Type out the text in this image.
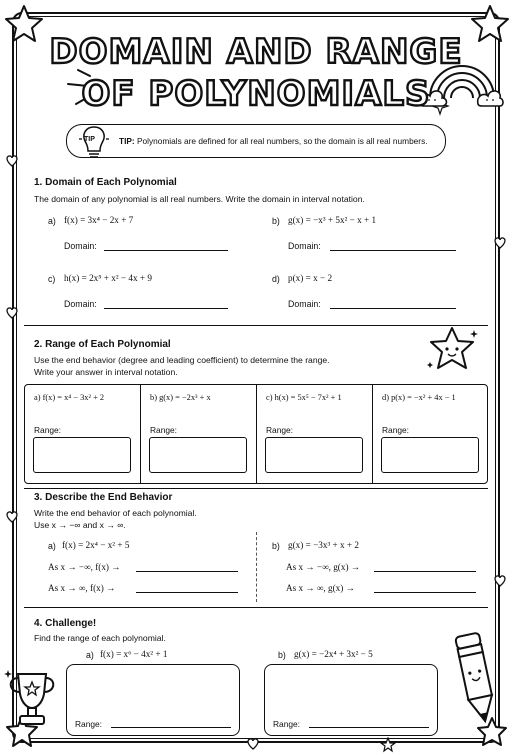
DOMAIN AND RANGE
OF POLYNOMIALS
TIP	TIP: Polynomials are defined for all real numbers, so the domain is all real numbers.
1. Domain of Each Polynomial
The domain of any polynomial is all real numbers. Write the domain in interval notation.
a) f(x) = 3x⁴ − 2x + 7	b) g(x) = −x³ + 5x² − x + 1
Domain:	Domain:
c) h(x) = 2x⁵ + x² − 4x + 9	d) p(x) = x − 2
Domain:	Domain:
2. Range of Each Polynomial
Use the end behavior (degree and leading coefficient) to determine the range.
Write your answer in interval notation.
a) f(x) = x⁴ − 3x² + 2
Range:
b) g(x) = −2x³ + x
Range:
c) h(x) = 5x⁵ − 7x² + 1
Range:
d) p(x) = −x² + 4x − 1
Range:
3. Describe the End Behavior
Write the end behavior of each polynomial.
Use x → −∞ and x → ∞.
a) f(x) = 2x⁴ − x² + 5
As x → −∞, f(x) →
As x → ∞, f(x) →
b) g(x) = −3x³ + x + 2
As x → −∞, g(x) →
As x → ∞, g(x) →
4. Challenge!
Find the range of each polynomial.
a) f(x) = x⁶ − 4x² + 1	b) g(x) = −2x⁴ + 3x² − 5
Range:	Range:
